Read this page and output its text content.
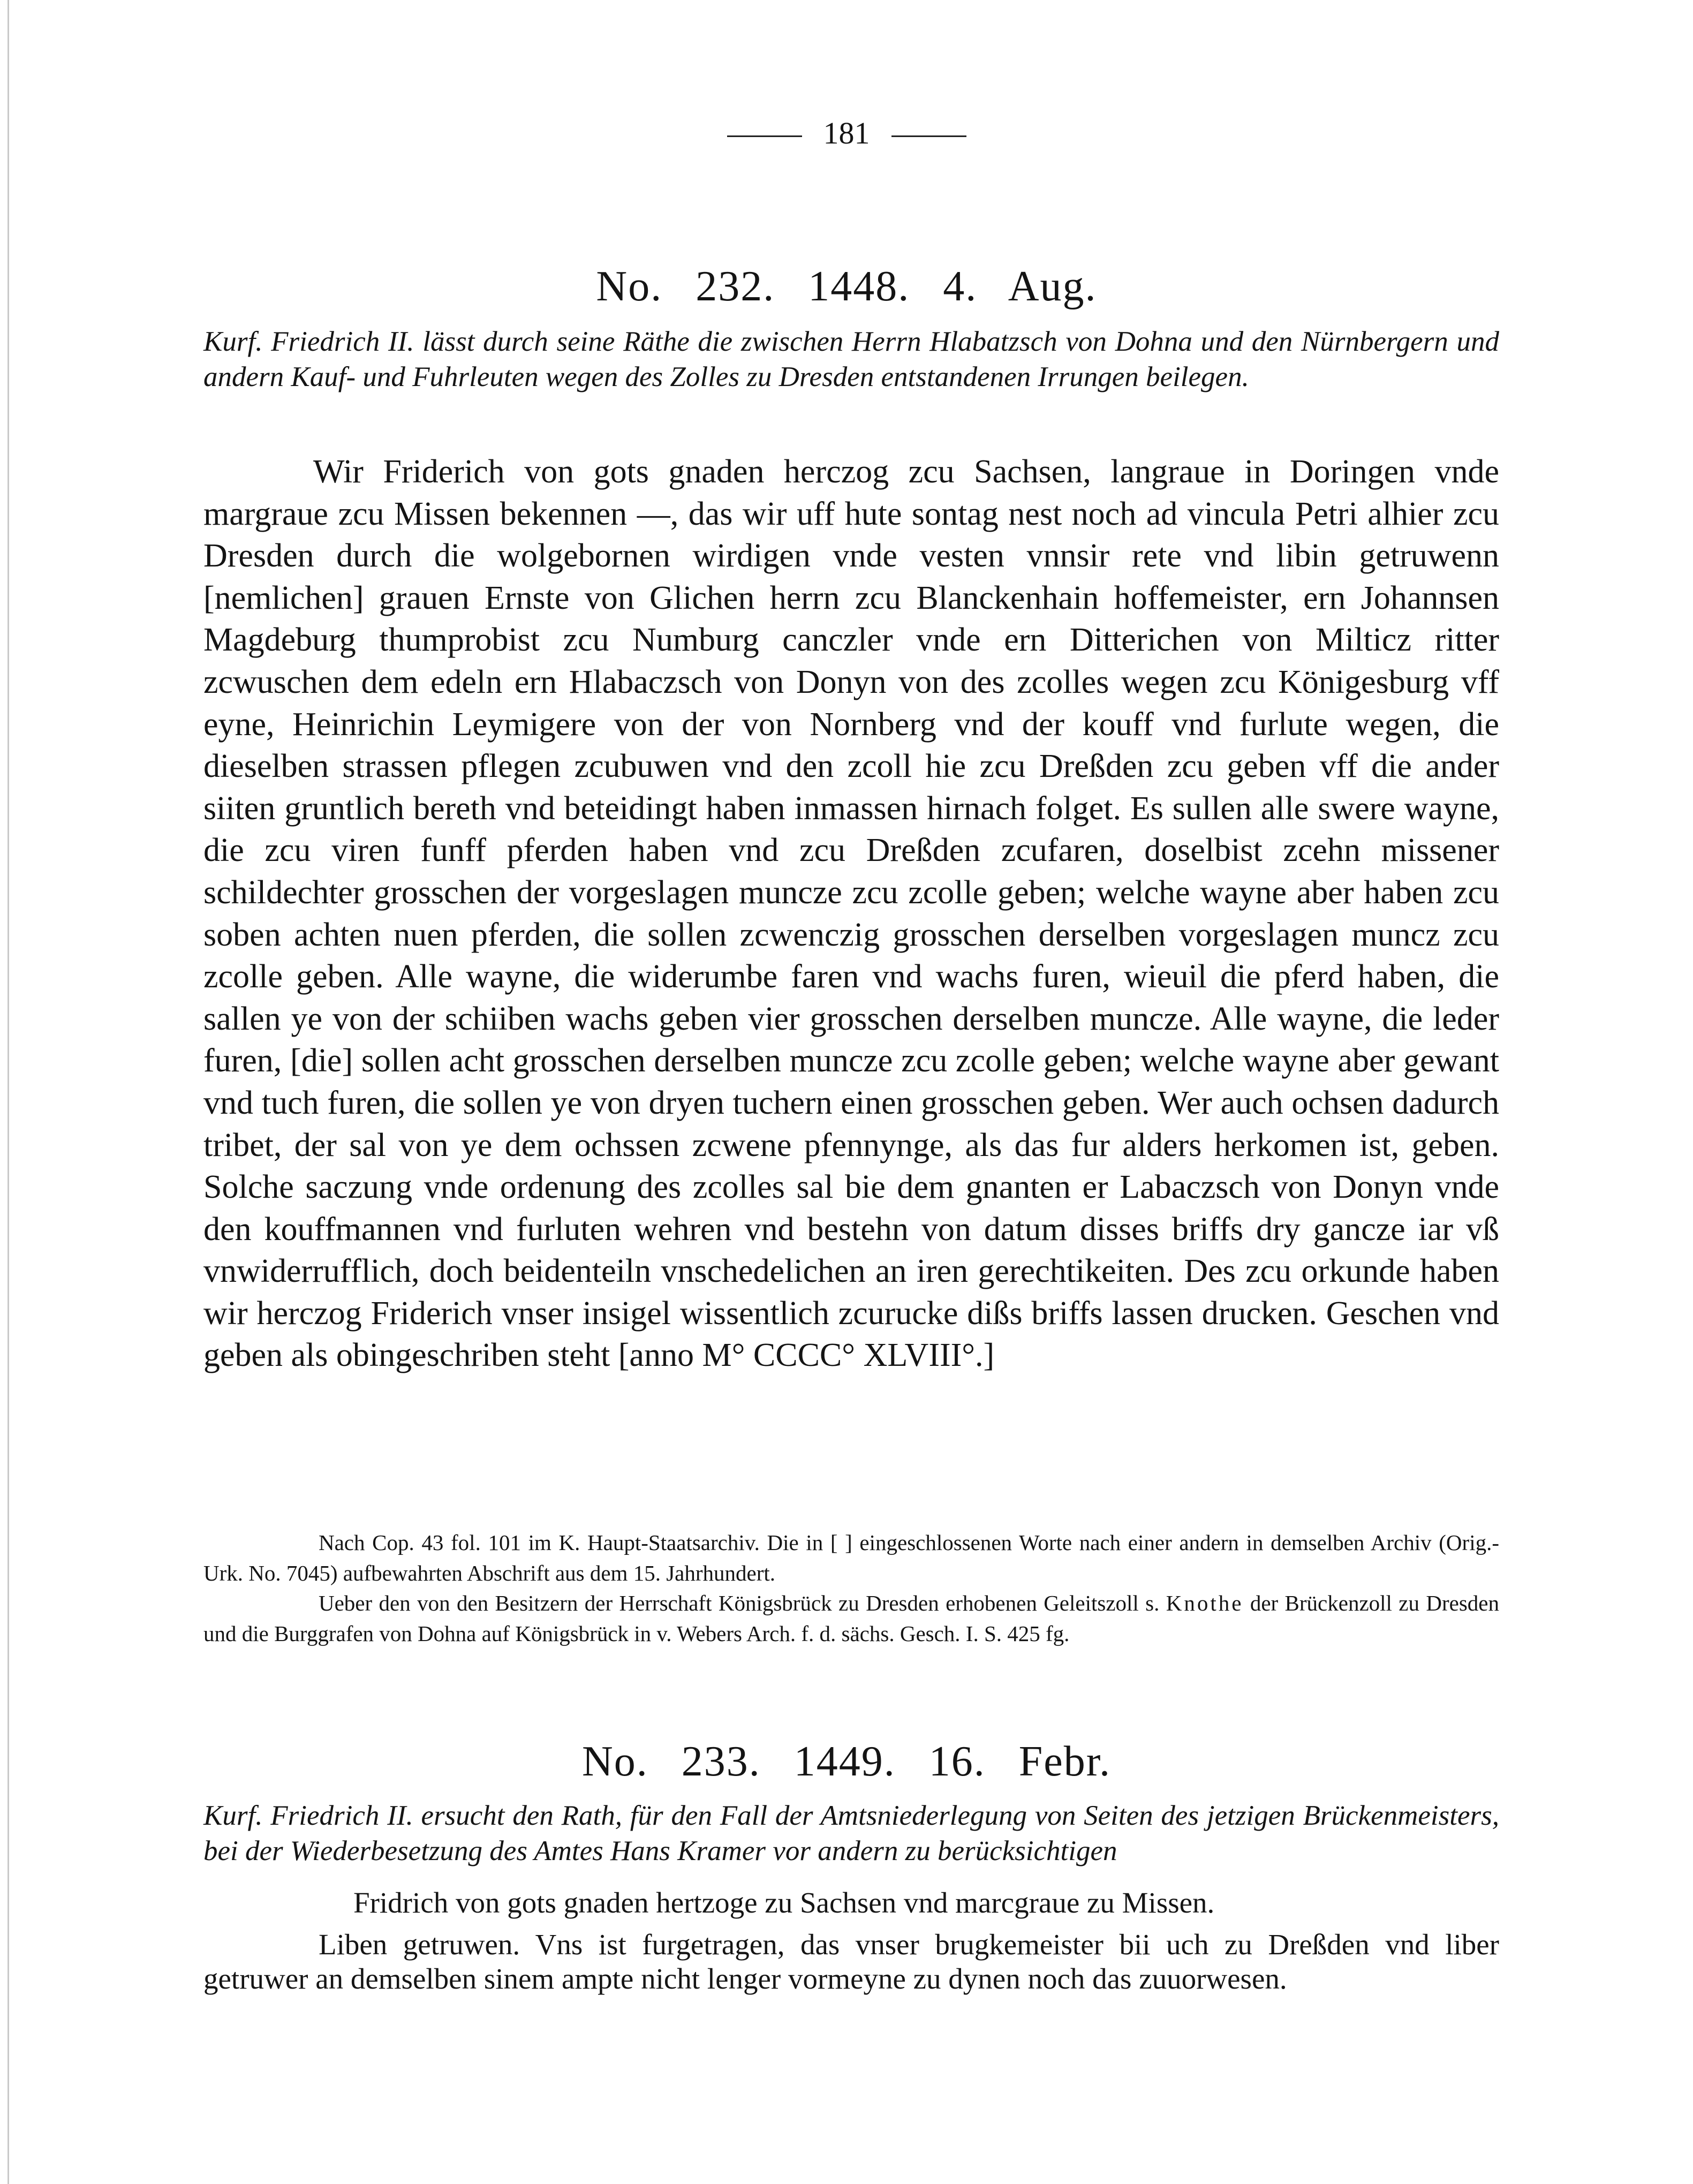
181
No. 232. 1448. 4. Aug.
Kurf. Friedrich II. lässt durch seine Räthe die zwischen Herrn Hlabatzsch von Dohna und den Nürnbergern und andern Kauf- und Fuhrleuten wegen des Zolles zu Dresden entstandenen Irrungen beilegen.
Wir Friderich von gots gnaden herczog zcu Sachsen, langraue in Doringen vnde margraue zcu Missen bekennen —, das wir uff hute sontag nest noch ad vincula Petri alhier zcu Dresden durch die wolgebornen wirdigen vnde vesten vnnsir rete vnd libin getruwenn [nemlichen] grauen Ernste von Glichen herrn zcu Blanckenhain hoffemeister, ern Johannsen Magdeburg thumprobist zcu Numburg canczler vnde ern Ditterichen von Milticz ritter zcwuschen dem edeln ern Hlabaczsch von Donyn von des zcolles wegen zcu Königesburg vff eyne, Heinrichin Leymigere von der von Nornberg vnd der kouff vnd furlute wegen, die dieselben strassen pflegen zcubuwen vnd den zcoll hie zcu Dreßden zcu geben vff die ander siiten gruntlich bereth vnd beteidingt haben inmassen hirnach folget. Es sullen alle swere wayne, die zcu viren funff pferden haben vnd zcu Dreßden zcufaren, doselbist zcehn missener schildechter grosschen der vorgeslagen muncze zcu zcolle geben; welche wayne aber haben zcu soben achten nuen pferden, die sollen zcwenczig grosschen derselben vorgeslagen muncz zcu zcolle geben. Alle wayne, die widerumbe faren vnd wachs furen, wieuil die pferd haben, die sallen ye von der schiiben wachs geben vier grosschen derselben muncze. Alle wayne, die leder furen, [die] sollen acht grosschen derselben muncze zcu zcolle geben; welche wayne aber gewant vnd tuch furen, die sollen ye von dryen tuchern einen grosschen geben. Wer auch ochsen dadurch tribet, der sal von ye dem ochssen zcwene pfennynge, als das fur alders herkomen ist, geben. Solche saczung vnde ordenung des zcolles sal bie dem gnanten er Labaczsch von Donyn vnde den kouffmannen vnd furluten wehren vnd bestehn von datum disses briffs dry gancze iar vß vnwiderrufflich, doch beidenteiln vnschedelichen an iren gerechtikeiten. Des zcu orkunde haben wir herczog Friderich vnser insigel wissentlich zcurucke dißs briffs lassen drucken. Geschen vnd geben als obingeschriben steht [anno M° CCCC° XLVIII°.]
Nach Cop. 43 fol. 101 im K. Haupt-Staatsarchiv. Die in [ ] eingeschlossenen Worte nach einer andern in demselben Archiv (Orig.-Urk. No. 7045) aufbewahrten Abschrift aus dem 15. Jahrhundert.
Ueber den von den Besitzern der Herrschaft Königsbrück zu Dresden erhobenen Geleitszoll s. Knothe der Brückenzoll zu Dresden und die Burggrafen von Dohna auf Königsbrück in v. Webers Arch. f. d. sächs. Gesch. I. S. 425 fg.
No. 233. 1449. 16. Febr.
Kurf. Friedrich II. ersucht den Rath, für den Fall der Amtsniederlegung von Seiten des jetzigen Brückenmeisters, bei der Wiederbesetzung des Amtes Hans Kramer vor andern zu berücksichtigen
Fridrich von gots gnaden hertzoge zu Sachsen vnd marcgraue zu Missen.
Liben getruwen. Vns ist furgetragen, das vnser brugkemeister bii uch zu Dreßden vnd liber getruwer an demselben sinem ampte nicht lenger vormeyne zu dynen noch das zuuorwesen.
